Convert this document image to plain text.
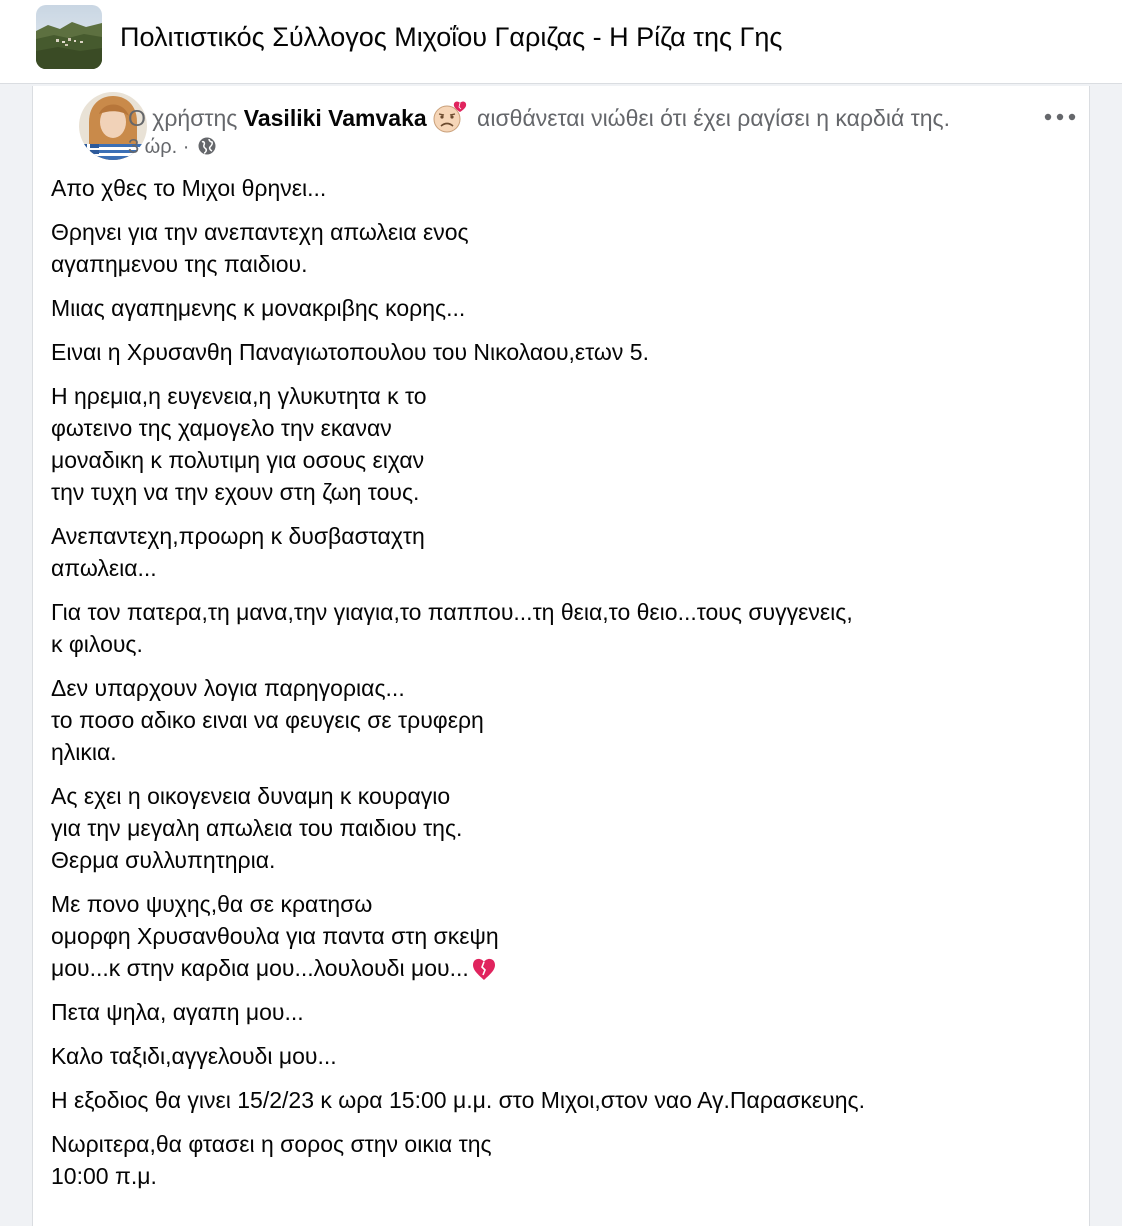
Πολιτιστικός Σύλλογος Μιχοΐου Γαριζας - Η Ρίζα της Γης
Ο χρήστης Vasiliki Vamvaka αισθάνεται νιώθει ότι έχει ραγίσει η καρδιά της.
3 ώρ. ·

Απο χθες το Μιχοι θρηνει...

Θρηνει για την ανεπαντεχη απωλεια ενος
αγαπημενου της παιδιου.

Μιιας αγαπημενης κ μονακριβης κορης...

Ειναι η Χρυσανθη Παναγιωτοπουλου του Νικολαου,ετων 5.

Η ηρεμια,η ευγενεια,η γλυκυτητα κ το
φωτεινο της χαμογελο την εκαναν
μοναδικη κ πολυτιμη για οσους ειχαν
την τυχη να την εχουν στη ζωη τους.

Ανεπαντεχη,προωρη κ δυσβασταχτη
απωλεια...

Για τον πατερα,τη μανα,την γιαγια,το παππου...τη θεια,το θειο...τους συγγενεις,
κ φιλους.

Δεν υπαρχουν λογια παρηγοριας...
το ποσο αδικο ειναι να φευγεις σε τρυφερη
ηλικια.

Ας εχει η οικογενεια δυναμη κ κουραγιο
για την μεγαλη απωλεια του παιδιου της.
Θερμα συλλυπητηρια.

Με πονο ψυχης,θα σε κρατησω
ομορφη Χρυσανθουλα για παντα στη σκεψη
μου...κ στην καρδια μου...λουλουδι μου...

Πετα ψηλα, αγαπη μου...

Καλο ταξιδι,αγγελουδι μου...

Η εξοδιος θα γινει 15/2/23 κ ωρα 15:00 μ.μ. στο Μιχοι,στον ναο Αγ.Παρασκευης.

Νωριτερα,θα φτασει η σορος στην οικια της
10:00 π.μ.
